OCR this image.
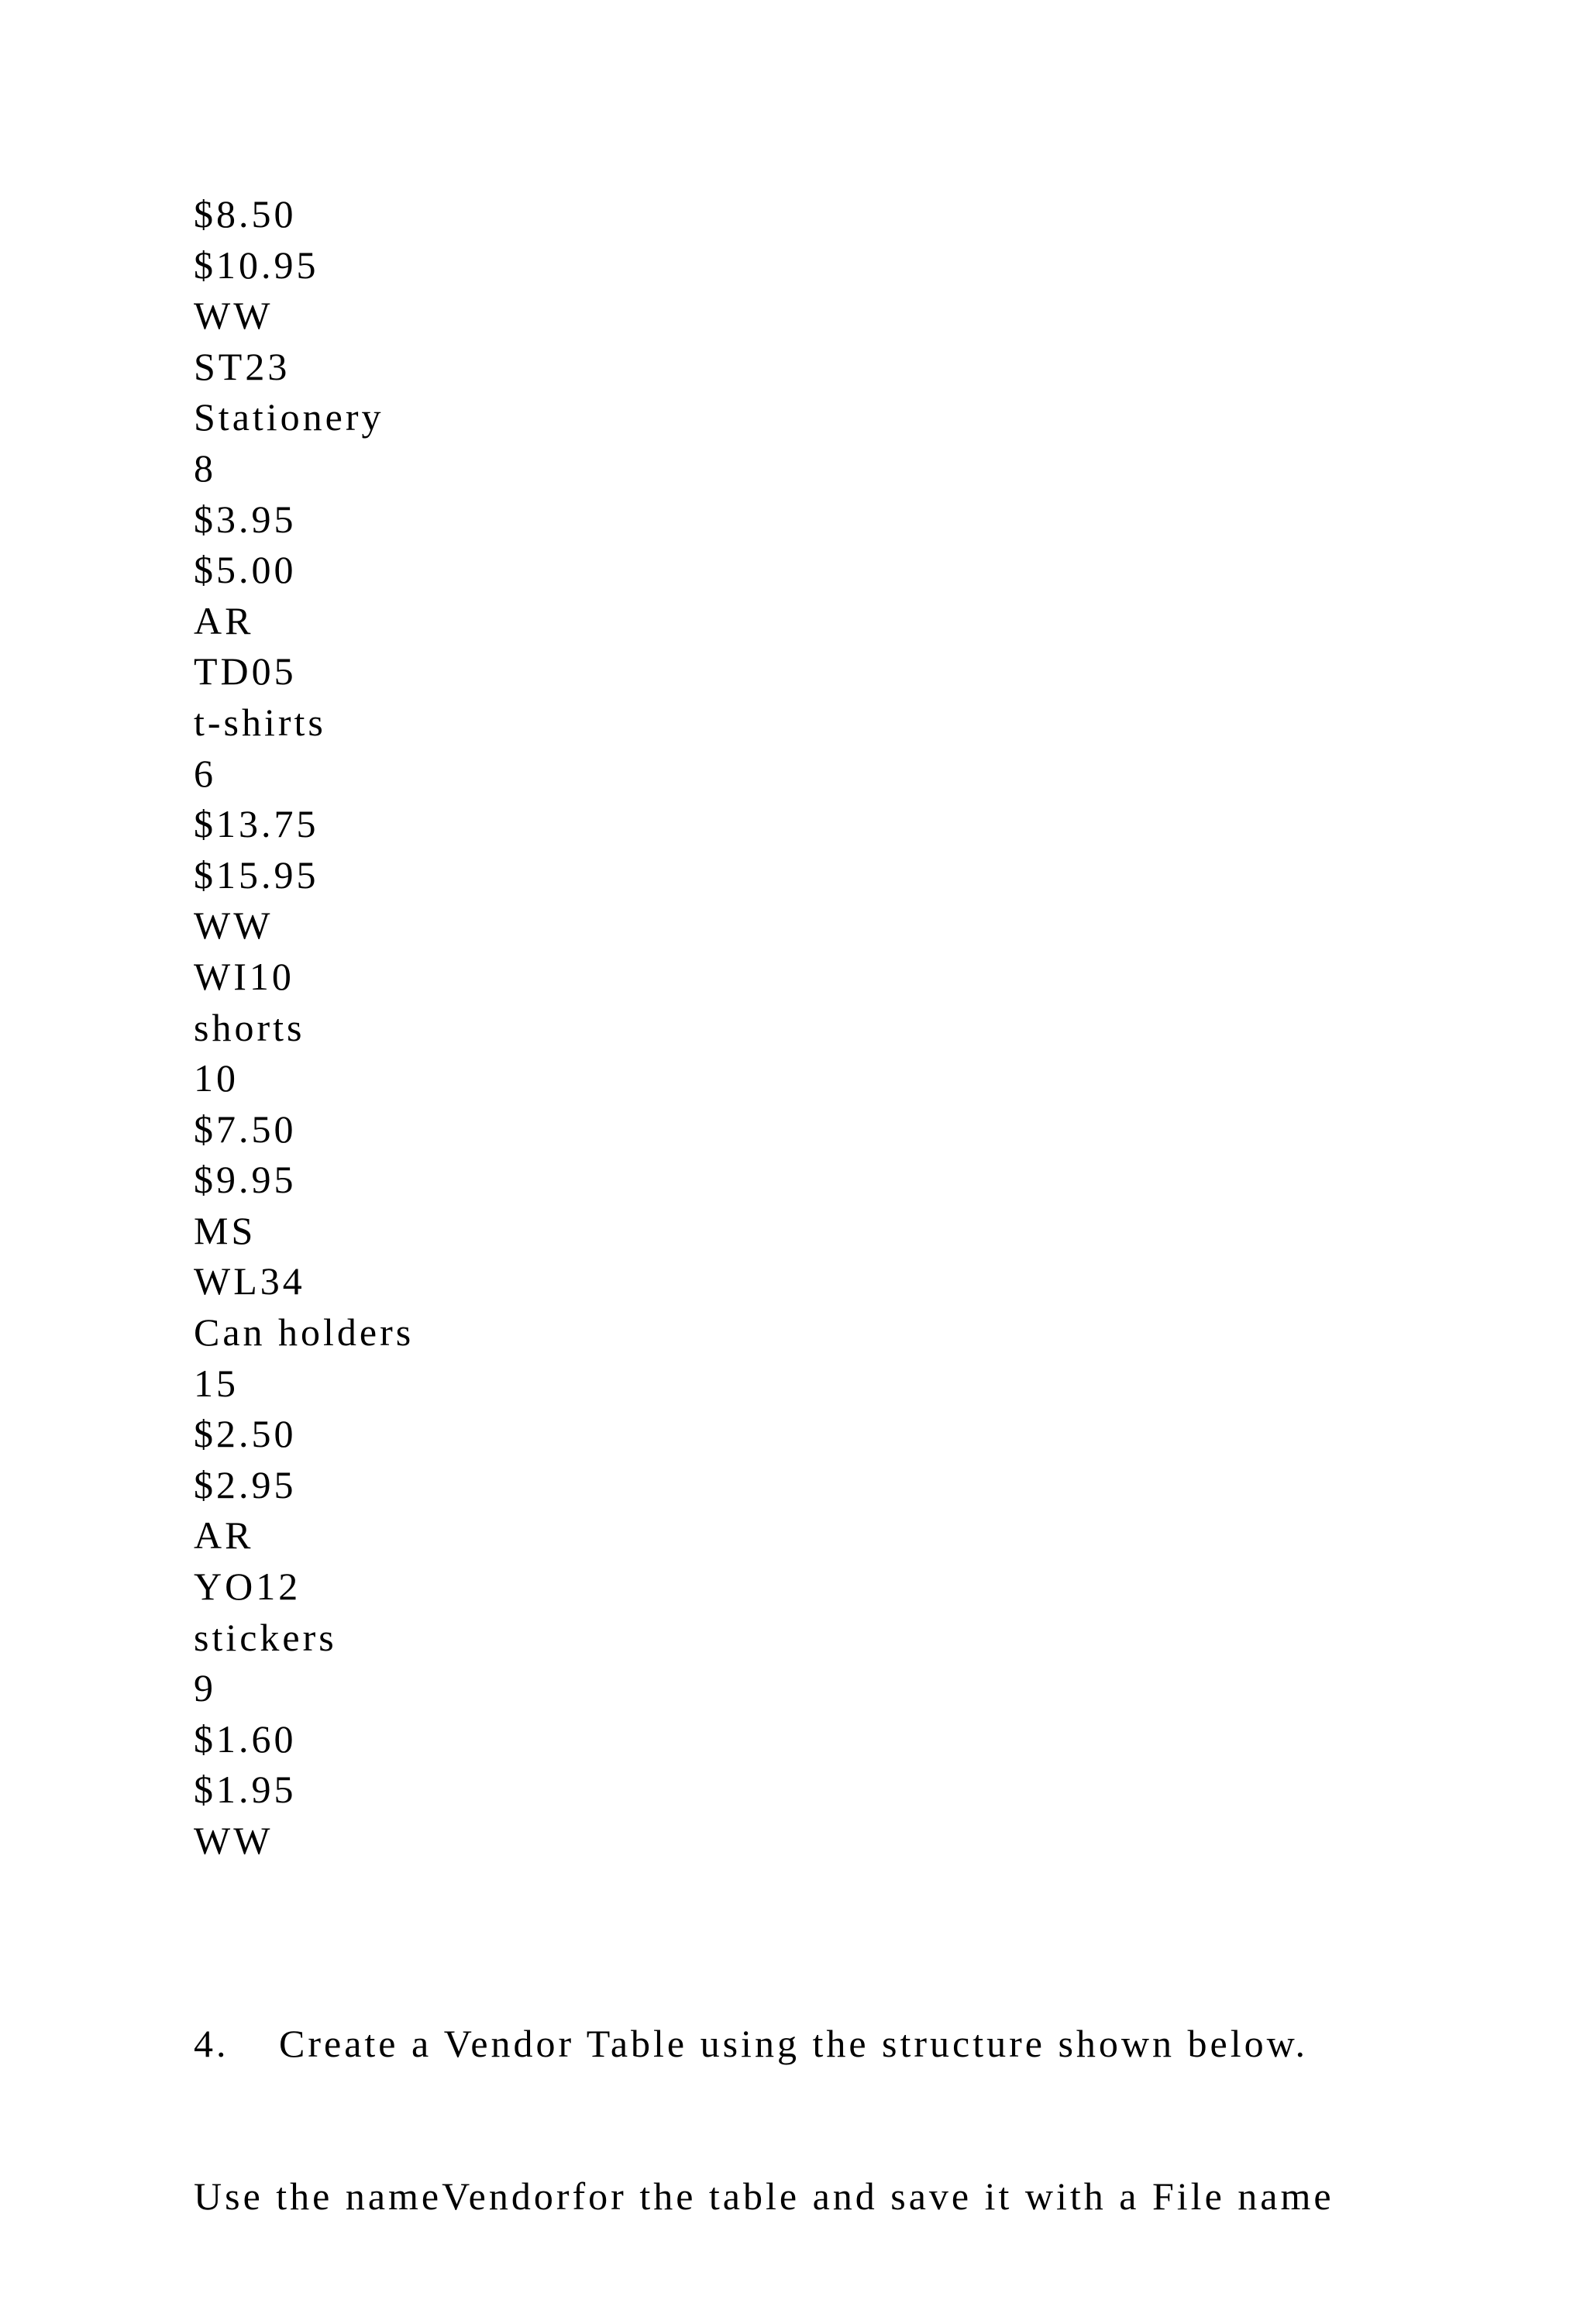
$8.50
$10.95
WW
ST23
Stationery
8
$3.95
$5.00
AR
TD05
t-shirts
6
$13.75
$15.95
WW
WI10
shorts
10
$7.50
$9.95
MS
WL34
Can holders
15
$2.50
$2.95
AR
YO12
stickers
9
$1.60
$1.95
WW

4. Create a Vendor Table using the structure shown below.

Use the nameVendorfor the table and save it with a File name
